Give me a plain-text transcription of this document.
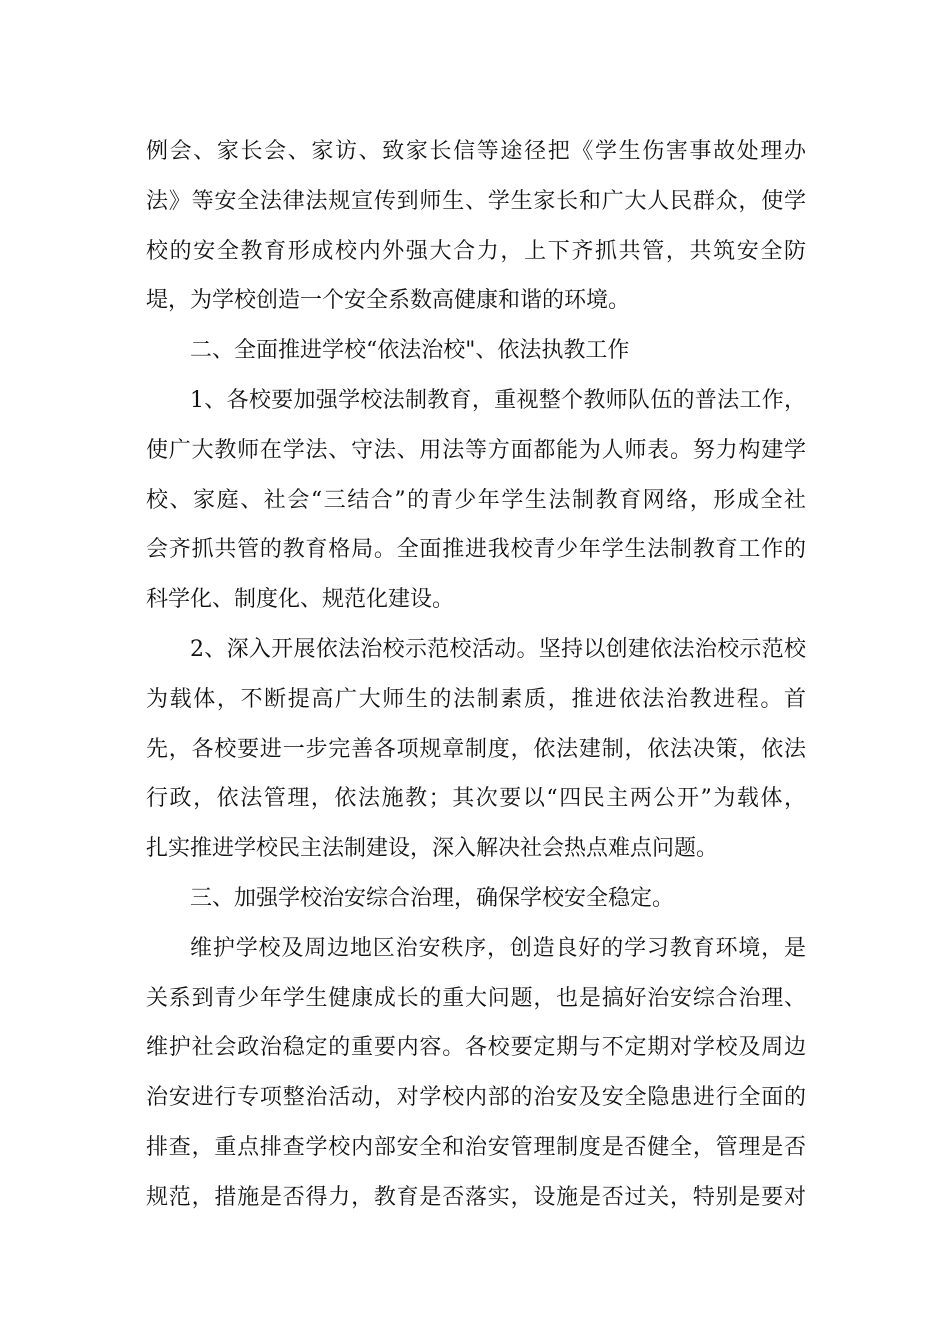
例会、家长会、家访、致家长信等途径把《学生伤害事故处理办
法》等安全法律法规宣传到师生、学生家长和广大人民群众，使学
校的安全教育形成校内外强大合力，上下齐抓共管，共筑安全防
堤，为学校创造一个安全系数高健康和谐的环境。

二、全面推进学校“依法治校"、依法执教工作

1、各校要加强学校法制教育，重视整个教师队伍的普法工作，
使广大教师在学法、守法、用法等方面都能为人师表。努力构建学
校、家庭、社会“三结合”的青少年学生法制教育网络，形成全社
会齐抓共管的教育格局。全面推进我校青少年学生法制教育工作的
科学化、制度化、规范化建设。

2、深入开展依法治校示范校活动。坚持以创建依法治校示范校
为载体，不断提高广大师生的法制素质，推进依法治教进程。首
先，各校要进一步完善各项规章制度，依法建制，依法决策，依法
行政，依法管理，依法施教；其次要以“四民主两公开”为载体，
扎实推进学校民主法制建设，深入解决社会热点难点问题。

三、加强学校治安综合治理，确保学校安全稳定。

维护学校及周边地区治安秩序，创造良好的学习教育环境，是
关系到青少年学生健康成长的重大问题，也是搞好治安综合治理、
维护社会政治稳定的重要内容。各校要定期与不定期对学校及周边
治安进行专项整治活动，对学校内部的治安及安全隐患进行全面的
排查，重点排查学校内部安全和治安管理制度是否健全，管理是否
规范，措施是否得力，教育是否落实，设施是否过关，特别是要对
